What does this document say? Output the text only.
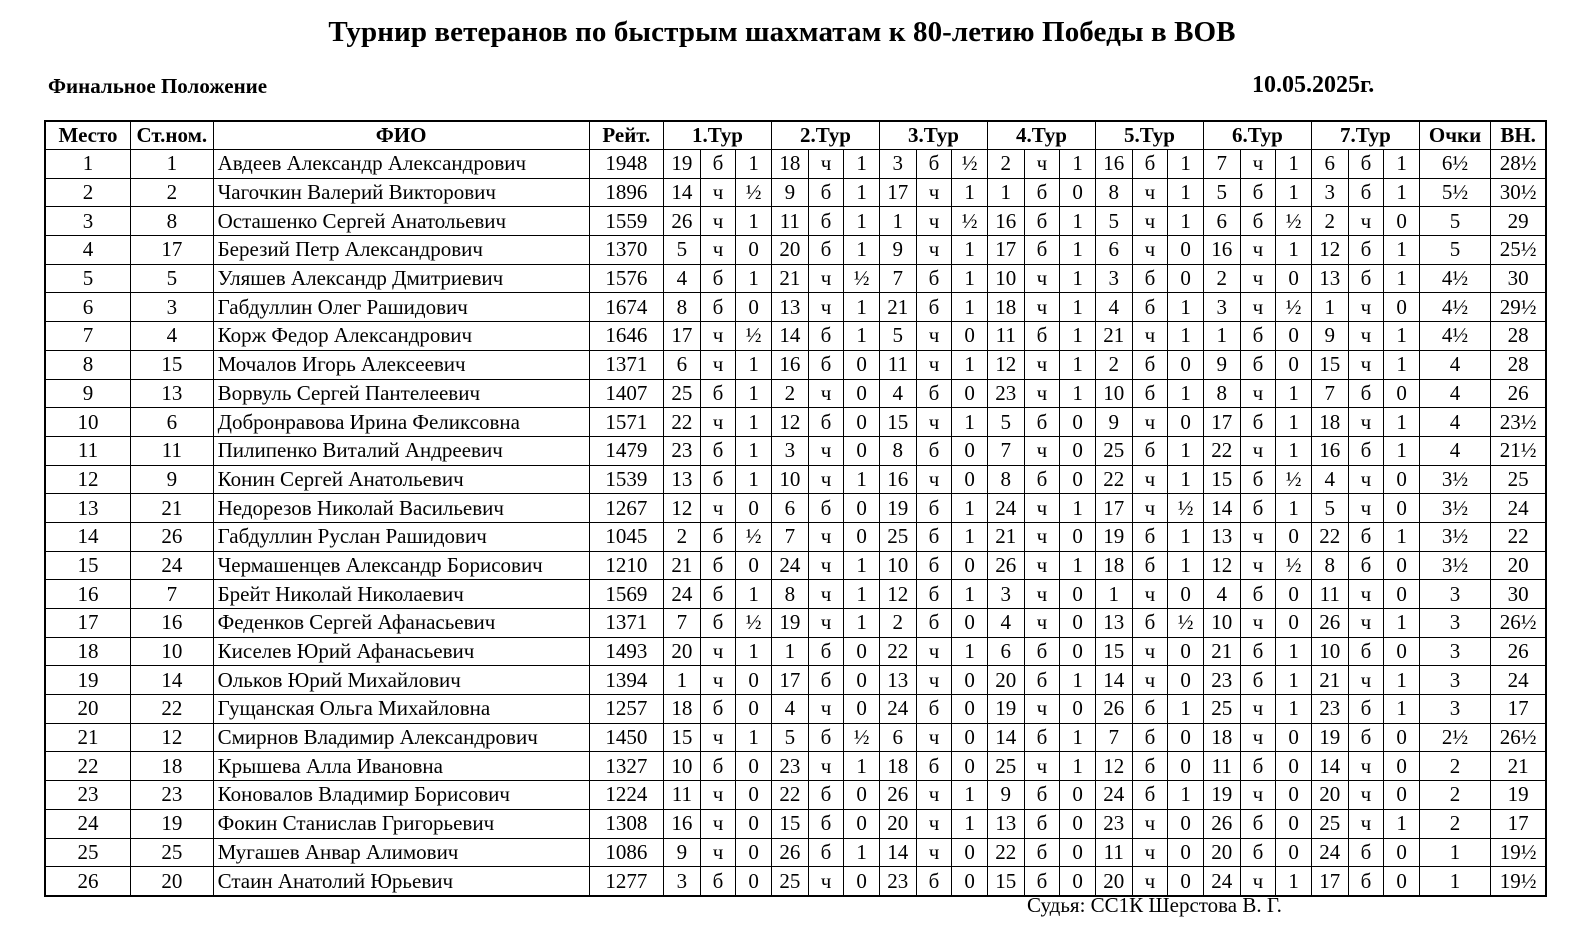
Турнир ветеранов по быстрым шахматам к 80-летию Победы в ВОВ
Финальное Положение	10.05.2025г.
Место	Ст.ном.	ФИО	Рейт.	1.Тур			2.Тур			3.Тур			4.Тур			5.Тур			6.Тур			7.Тур			Очки	ВН.
1	1	Авдеев Александр Александрович	1948	19	б	1	18	ч	1	3	б	½	2	ч	1	16	б	1	7	ч	1	6	б	1	6½	28½
2	2	Чагочкин Валерий Викторович	1896	14	ч	½	9	б	1	17	ч	1	1	б	0	8	ч	1	5	б	1	3	б	1	5½	30½
3	8	Осташенко Сергей Анатольевич	1559	26	ч	1	11	б	1	1	ч	½	16	б	1	5	ч	1	6	б	½	2	ч	0	5	29
4	17	Березий Петр Александрович	1370	5	ч	0	20	б	1	9	ч	1	17	б	1	6	ч	0	16	ч	1	12	б	1	5	25½
5	5	Уляшев Александр Дмитриевич	1576	4	б	1	21	ч	½	7	б	1	10	ч	1	3	б	0	2	ч	0	13	б	1	4½	30
6	3	Габдуллин Олег Рашидович	1674	8	б	0	13	ч	1	21	б	1	18	ч	1	4	б	1	3	ч	½	1	ч	0	4½	29½
7	4	Корж Федор Александрович	1646	17	ч	½	14	б	1	5	ч	0	11	б	1	21	ч	1	1	б	0	9	ч	1	4½	28
8	15	Мочалов Игорь Алексеевич	1371	6	ч	1	16	б	0	11	ч	1	12	ч	1	2	б	0	9	б	0	15	ч	1	4	28
9	13	Ворвуль Сергей Пантелеевич	1407	25	б	1	2	ч	0	4	б	0	23	ч	1	10	б	1	8	ч	1	7	б	0	4	26
10	6	Добронравова Ирина Феликсовна	1571	22	ч	1	12	б	0	15	ч	1	5	б	0	9	ч	0	17	б	1	18	ч	1	4	23½
11	11	Пилипенко Виталий Андреевич	1479	23	б	1	3	ч	0	8	б	0	7	ч	0	25	б	1	22	ч	1	16	б	1	4	21½
12	9	Конин Сергей Анатольевич	1539	13	б	1	10	ч	1	16	ч	0	8	б	0	22	ч	1	15	б	½	4	ч	0	3½	25
13	21	Недорезов Николай Васильевич	1267	12	ч	0	6	б	0	19	б	1	24	ч	1	17	ч	½	14	б	1	5	ч	0	3½	24
14	26	Габдуллин Руслан Рашидович	1045	2	б	½	7	ч	0	25	б	1	21	ч	0	19	б	1	13	ч	0	22	б	1	3½	22
15	24	Чермашенцев Александр Борисович	1210	21	б	0	24	ч	1	10	б	0	26	ч	1	18	б	1	12	ч	½	8	б	0	3½	20
16	7	Брейт Николай Николаевич	1569	24	б	1	8	ч	1	12	б	1	3	ч	0	1	ч	0	4	б	0	11	ч	0	3	30
17	16	Феденков Сергей Афанасьевич	1371	7	б	½	19	ч	1	2	б	0	4	ч	0	13	б	½	10	ч	0	26	ч	1	3	26½
18	10	Киселев Юрий Афанасьевич	1493	20	ч	1	1	б	0	22	ч	1	6	б	0	15	ч	0	21	б	1	10	б	0	3	26
19	14	Ольков Юрий Михайлович	1394	1	ч	0	17	б	0	13	ч	0	20	б	1	14	ч	0	23	б	1	21	ч	1	3	24
20	22	Гущанская Ольга Михайловна	1257	18	б	0	4	ч	0	24	б	0	19	ч	0	26	б	1	25	ч	1	23	б	1	3	17
21	12	Смирнов Владимир Александрович	1450	15	ч	1	5	б	½	6	ч	0	14	б	1	7	б	0	18	ч	0	19	б	0	2½	26½
22	18	Крышева Алла Ивановна	1327	10	б	0	23	ч	1	18	б	0	25	ч	1	12	б	0	11	б	0	14	ч	0	2	21
23	23	Коновалов Владимир Борисович	1224	11	ч	0	22	б	0	26	ч	1	9	б	0	24	б	1	19	ч	0	20	ч	0	2	19
24	19	Фокин Станислав Григорьевич	1308	16	ч	0	15	б	0	20	ч	1	13	б	0	23	ч	0	26	б	0	25	ч	1	2	17
25	25	Мугашев Анвар Алимович	1086	9	ч	0	26	б	1	14	ч	0	22	б	0	11	ч	0	20	б	0	24	б	0	1	19½
26	20	Стаин Анатолий Юрьевич	1277	3	б	0	25	ч	0	23	б	0	15	б	0	20	ч	0	24	ч	1	17	б	0	1	19½
Судья: СС1К Шерстова В. Г.
